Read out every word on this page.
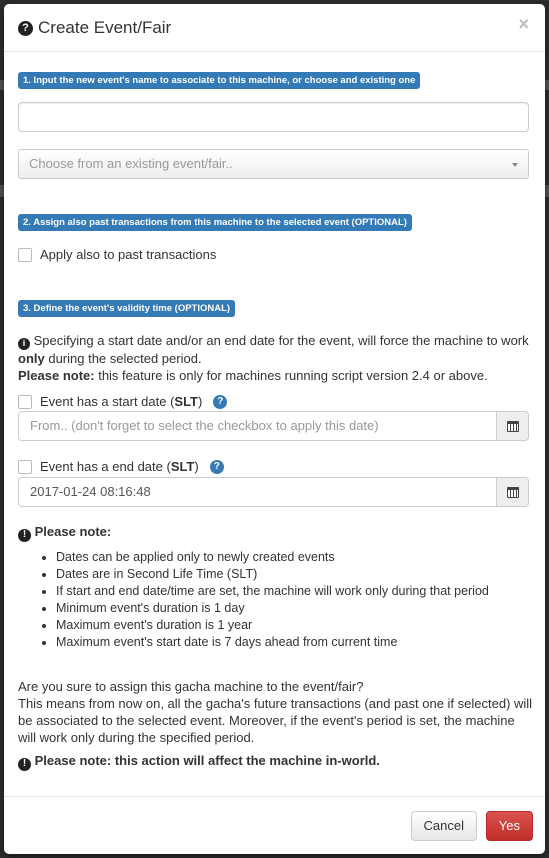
? Create Event/Fair	×
1. Input the new event's name to associate to this machine, or choose and existing one
Choose from an existing event/fair..
2. Assign also past transactions from this machine to the selected event (OPTIONAL)
Apply also to past transactions
3. Define the event's validity time (OPTIONAL)
i Specifying a start date and/or an end date for the event, will force the machine to work
only during the selected period.
Please note: this feature is only for machines running script version 2.4 or above.
Event has a start date (SLT)	?
From.. (don't forget to select the checkbox to apply this date)
Event has a end date (SLT)	?
2017-01-24 08:16:48
! Please note:
• Dates can be applied only to newly created events
• Dates are in Second Life Time (SLT)
• If start and end date/time are set, the machine will work only during that period
• Minimum event's duration is 1 day
• Maximum event's duration is 1 year
• Maximum event's start date is 7 days ahead from current time
Are you sure to assign this gacha machine to the event/fair?
This means from now on, all the gacha's future transactions (and past one if selected) will be associated to the selected event. Moreover, if the event's period is set, the machine will work only during the specified period.
! Please note: this action will affect the machine in-world.
Cancel	Yes
